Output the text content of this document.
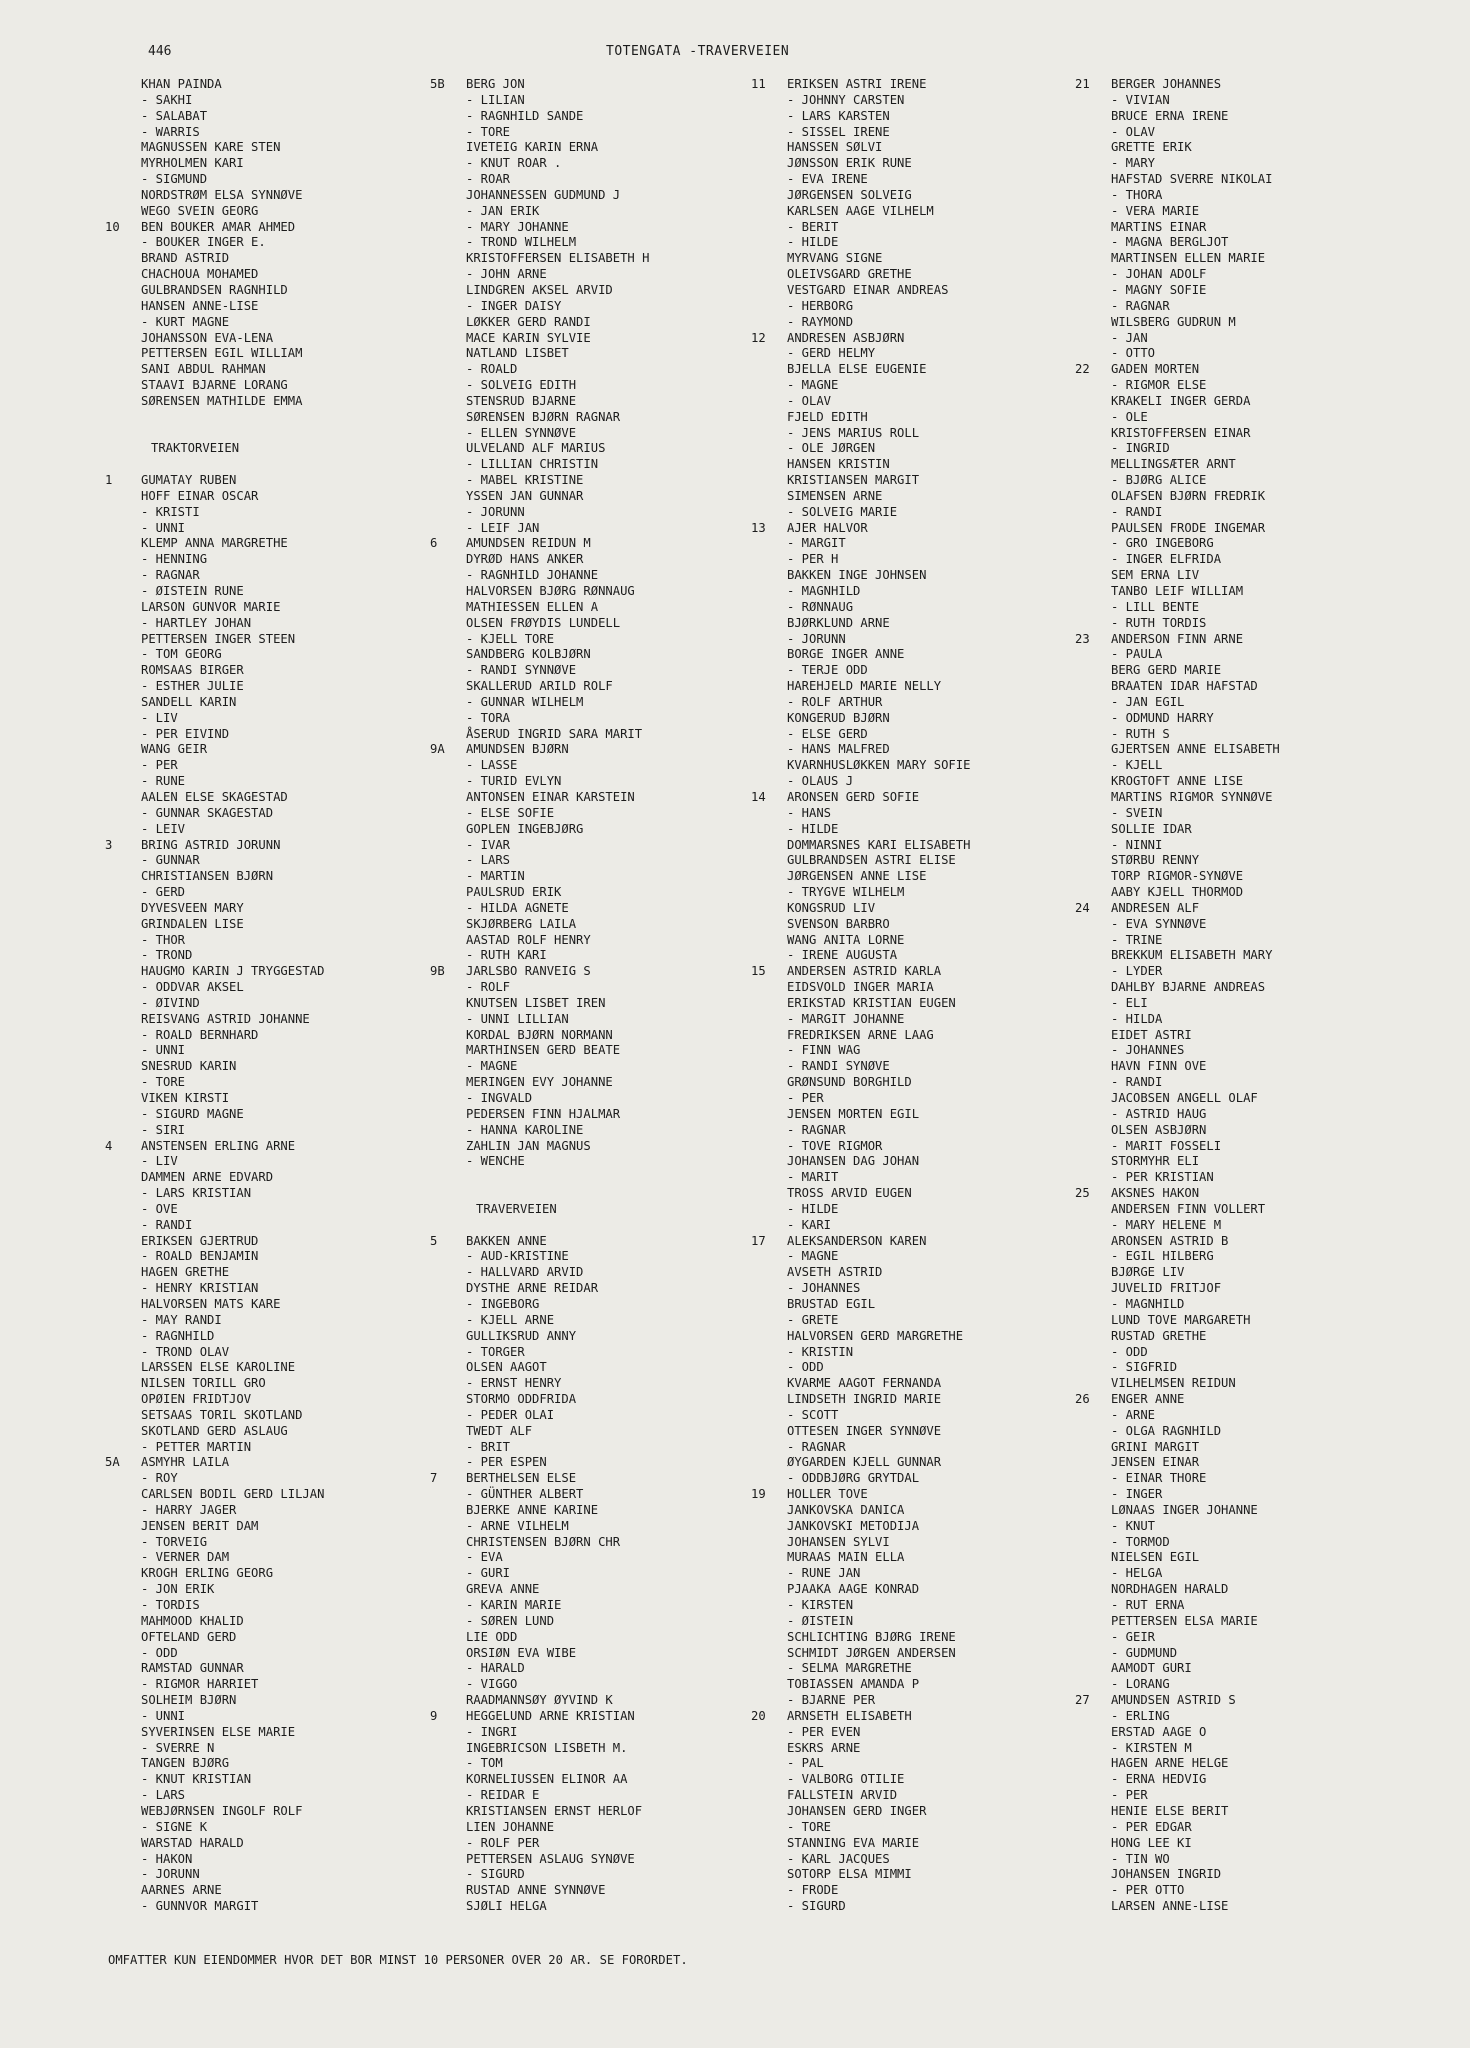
446	TOTENGATA -TRAVERVEIEN
KHAN PAINDA
- SAKHI
- SALABAT
- WARRIS
MAGNUSSEN KARE STEN
MYRHOLMEN KARI
- SIGMUND
NORDSTRØM ELSA SYNNØVE
WEGO SVEIN GEORG
10	BEN BOUKER AMAR AHMED
- BOUKER INGER E.
BRAND ASTRID
CHACHOUA MOHAMED
GULBRANDSEN RAGNHILD
HANSEN ANNE-LISE
- KURT MAGNE
JOHANSSON EVA-LENA
PETTERSEN EGIL WILLIAM
SANI ABDUL RAHMAN
STAAVI BJARNE LORANG
SØRENSEN MATHILDE EMMA
TRAKTORVEIEN
1	GUMATAY RUBEN
HOFF EINAR OSCAR
- KRISTI
- UNNI
KLEMP ANNA MARGRETHE
- HENNING
- RAGNAR
- ØISTEIN RUNE
LARSON GUNVOR MARIE
- HARTLEY JOHAN
PETTERSEN INGER STEEN
- TOM GEORG
ROMSAAS BIRGER
- ESTHER JULIE
SANDELL KARIN
- LIV
- PER EIVIND
WANG GEIR
- PER
- RUNE
AALEN ELSE SKAGESTAD
- GUNNAR SKAGESTAD
- LEIV
3	BRING ASTRID JORUNN
- GUNNAR
CHRISTIANSEN BJØRN
- GERD
DYVESVEEN MARY
GRINDALEN LISE
- THOR
- TROND
HAUGMO KARIN J TRYGGESTAD
- ODDVAR AKSEL
- ØIVIND
REISVANG ASTRID JOHANNE
- ROALD BERNHARD
- UNNI
SNESRUD KARIN
- TORE
VIKEN KIRSTI
- SIGURD MAGNE
- SIRI
4	ANSTENSEN ERLING ARNE
- LIV
DAMMEN ARNE EDVARD
- LARS KRISTIAN
- OVE
- RANDI
ERIKSEN GJERTRUD
- ROALD BENJAMIN
HAGEN GRETHE
- HENRY KRISTIAN
HALVORSEN MATS KARE
- MAY RANDI
- RAGNHILD
- TROND OLAV
LARSSEN ELSE KAROLINE
NILSEN TORILL GRO
OPØIEN FRIDTJOV
SETSAAS TORIL SKOTLAND
SKOTLAND GERD ASLAUG
- PETTER MARTIN
5A	ASMYHR LAILA
- ROY
CARLSEN BODIL GERD LILJAN
- HARRY JAGER
JENSEN BERIT DAM
- TORVEIG
- VERNER DAM
KROGH ERLING GEORG
- JON ERIK
- TORDIS
MAHMOOD KHALID
OFTELAND GERD
- ODD
RAMSTAD GUNNAR
- RIGMOR HARRIET
SOLHEIM BJØRN
- UNNI
SYVERINSEN ELSE MARIE
- SVERRE N
TANGEN BJØRG
- KNUT KRISTIAN
- LARS
WEBJØRNSEN INGOLF ROLF
- SIGNE K
WARSTAD HARALD
- HAKON
- JORUNN
AARNES ARNE
- GUNNVOR MARGIT
5B	BERG JON
- LILIAN
- RAGNHILD SANDE
- TORE
IVETEIG KARIN ERNA
- KNUT ROAR .
- ROAR
JOHANNESSEN GUDMUND J
- JAN ERIK
- MARY JOHANNE
- TROND WILHELM
KRISTOFFERSEN ELISABETH H
- JOHN ARNE
LINDGREN AKSEL ARVID
- INGER DAISY
LØKKER GERD RANDI
MACE KARIN SYLVIE
NATLAND LISBET
- ROALD
- SOLVEIG EDITH
STENSRUD BJARNE
SØRENSEN BJØRN RAGNAR
- ELLEN SYNNØVE
ULVELAND ALF MARIUS
- LILLIAN CHRISTIN
- MABEL KRISTINE
YSSEN JAN GUNNAR
- JORUNN
- LEIF JAN
6	AMUNDSEN REIDUN M
DYRØD HANS ANKER
- RAGNHILD JOHANNE
HALVORSEN BJØRG RØNNAUG
MATHIESSEN ELLEN A
OLSEN FRØYDIS LUNDELL
- KJELL TORE
SANDBERG KOLBJØRN
- RANDI SYNNØVE
SKALLERUD ARILD ROLF
- GUNNAR WILHELM
- TORA
ÅSERUD INGRID SARA MARIT
9A	AMUNDSEN BJØRN
- LASSE
- TURID EVLYN
ANTONSEN EINAR KARSTEIN
- ELSE SOFIE
GOPLEN INGEBJØRG
- IVAR
- LARS
- MARTIN
PAULSRUD ERIK
- HILDA AGNETE
SKJØRBERG LAILA
AASTAD ROLF HENRY
- RUTH KARI
9B	JARLSBO RANVEIG S
- ROLF
KNUTSEN LISBET IREN
- UNNI LILLIAN
KORDAL BJØRN NORMANN
MARTHINSEN GERD BEATE
- MAGNE
MERINGEN EVY JOHANNE
- INGVALD
PEDERSEN FINN HJALMAR
- HANNA KAROLINE
ZAHLIN JAN MAGNUS
- WENCHE
TRAVERVEIEN
5	BAKKEN ANNE
- AUD-KRISTINE
- HALLVARD ARVID
DYSTHE ARNE REIDAR
- INGEBORG
- KJELL ARNE
GULLIKSRUD ANNY
- TORGER
OLSEN AAGOT
- ERNST HENRY
STORMO ODDFRIDA
- PEDER OLAI
TWEDT ALF
- BRIT
- PER ESPEN
7	BERTHELSEN ELSE
- GÜNTHER ALBERT
BJERKE ANNE KARINE
- ARNE VILHELM
CHRISTENSEN BJØRN CHR
- EVA
- GURI
GREVA ANNE
- KARIN MARIE
- SØREN LUND
LIE ODD
ORSIØN EVA WIBE
- HARALD
- VIGGO
RAADMANNSØY ØYVIND K
9	HEGGELUND ARNE KRISTIAN
- INGRI
INGEBRICSON LISBETH M.
- TOM
KORNELIUSSEN ELINOR AA
- REIDAR E
KRISTIANSEN ERNST HERLOF
LIEN JOHANNE
- ROLF PER
PETTERSEN ASLAUG SYNØVE
- SIGURD
RUSTAD ANNE SYNNØVE
SJØLI HELGA
11	ERIKSEN ASTRI IRENE
- JOHNNY CARSTEN
- LARS KARSTEN
- SISSEL IRENE
HANSSEN SØLVI
JØNSSON ERIK RUNE
- EVA IRENE
JØRGENSEN SOLVEIG
KARLSEN AAGE VILHELM
- BERIT
- HILDE
MYRVANG SIGNE
OLEIVSGARD GRETHE
VESTGARD EINAR ANDREAS
- HERBORG
- RAYMOND
12	ANDRESEN ASBJØRN
- GERD HELMY
BJELLA ELSE EUGENIE
- MAGNE
- OLAV
FJELD EDITH
- JENS MARIUS ROLL
- OLE JØRGEN
HANSEN KRISTIN
KRISTIANSEN MARGIT
SIMENSEN ARNE
- SOLVEIG MARIE
13	AJER HALVOR
- MARGIT
- PER H
BAKKEN INGE JOHNSEN
- MAGNHILD
- RØNNAUG
BJØRKLUND ARNE
- JORUNN
BORGE INGER ANNE
- TERJE ODD
HAREHJELD MARIE NELLY
- ROLF ARTHUR
KONGERUD BJØRN
- ELSE GERD
- HANS MALFRED
KVARNHUSLØKKEN MARY SOFIE
- OLAUS J
14	ARONSEN GERD SOFIE
- HANS
- HILDE
DOMMARSNES KARI ELISABETH
GULBRANDSEN ASTRI ELISE
JØRGENSEN ANNE LISE
- TRYGVE WILHELM
KONGSRUD LIV
SVENSON BARBRO
WANG ANITA LORNE
- IRENE AUGUSTA
15	ANDERSEN ASTRID KARLA
EIDSVOLD INGER MARIA
ERIKSTAD KRISTIAN EUGEN
- MARGIT JOHANNE
FREDRIKSEN ARNE LAAG
- FINN WAG
- RANDI SYNØVE
GRØNSUND BORGHILD
- PER
JENSEN MORTEN EGIL
- RAGNAR
- TOVE RIGMOR
JOHANSEN DAG JOHAN
- MARIT
TROSS ARVID EUGEN
- HILDE
- KARI
17	ALEKSANDERSON KAREN
- MAGNE
AVSETH ASTRID
- JOHANNES
BRUSTAD EGIL
- GRETE
HALVORSEN GERD MARGRETHE
- KRISTIN
- ODD
KVARME AAGOT FERNANDA
LINDSETH INGRID MARIE
- SCOTT
OTTESEN INGER SYNNØVE
- RAGNAR
ØYGARDEN KJELL GUNNAR
- ODDBJØRG GRYTDAL
19	HOLLER TOVE
JANKOVSKA DANICA
JANKOVSKI METODIJA
JOHANSEN SYLVI
MURAAS MAIN ELLA
- RUNE JAN
PJAAKA AAGE KONRAD
- KIRSTEN
- ØISTEIN
SCHLICHTING BJØRG IRENE
SCHMIDT JØRGEN ANDERSEN
- SELMA MARGRETHE
TOBIASSEN AMANDA P
- BJARNE PER
20	ARNSETH ELISABETH
- PER EVEN
ESKRS ARNE
- PAL
- VALBORG OTILIE
FALLSTEIN ARVID
JOHANSEN GERD INGER
- TORE
STANNING EVA MARIE
- KARL JACQUES
SOTORP ELSA MIMMI
- FRODE
- SIGURD
21	BERGER JOHANNES
- VIVIAN
BRUCE ERNA IRENE
- OLAV
GRETTE ERIK
- MARY
HAFSTAD SVERRE NIKOLAI
- THORA
- VERA MARIE
MARTINS EINAR
- MAGNA BERGLJOT
MARTINSEN ELLEN MARIE
- JOHAN ADOLF
- MAGNY SOFIE
- RAGNAR
WILSBERG GUDRUN M
- JAN
- OTTO
22	GADEN MORTEN
- RIGMOR ELSE
KRAKELI INGER GERDA
- OLE
KRISTOFFERSEN EINAR
- INGRID
MELLINGSÆTER ARNT
- BJØRG ALICE
OLAFSEN BJØRN FREDRIK
- RANDI
PAULSEN FRODE INGEMAR
- GRO INGEBORG
- INGER ELFRIDA
SEM ERNA LIV
TANBO LEIF WILLIAM
- LILL BENTE
- RUTH TORDIS
23	ANDERSON FINN ARNE
- PAULA
BERG GERD MARIE
BRAATEN IDAR HAFSTAD
- JAN EGIL
- ODMUND HARRY
- RUTH S
GJERTSEN ANNE ELISABETH
- KJELL
KROGTOFT ANNE LISE
MARTINS RIGMOR SYNNØVE
- SVEIN
SOLLIE IDAR
- NINNI
STØRBU RENNY
TORP RIGMOR-SYNØVE
AABY KJELL THORMOD
24	ANDRESEN ALF
- EVA SYNNØVE
- TRINE
BREKKUM ELISABETH MARY
- LYDER
DAHLBY BJARNE ANDREAS
- ELI
- HILDA
EIDET ASTRI
- JOHANNES
HAVN FINN OVE
- RANDI
JACOBSEN ANGELL OLAF
- ASTRID HAUG
OLSEN ASBJØRN
- MARIT FOSSELI
STORMYHR ELI
- PER KRISTIAN
25	AKSNES HAKON
ANDERSEN FINN VOLLERT
- MARY HELENE M
ARONSEN ASTRID B
- EGIL HILBERG
BJØRGE LIV
JUVELID FRITJOF
- MAGNHILD
LUND TOVE MARGARETH
RUSTAD GRETHE
- ODD
- SIGFRID
VILHELMSEN REIDUN
26	ENGER ANNE
- ARNE
- OLGA RAGNHILD
GRINI MARGIT
JENSEN EINAR
- EINAR THORE
- INGER
LØNAAS INGER JOHANNE
- KNUT
- TORMOD
NIELSEN EGIL
- HELGA
NORDHAGEN HARALD
- RUT ERNA
PETTERSEN ELSA MARIE
- GEIR
- GUDMUND
AAMODT GURI
- LORANG
27	AMUNDSEN ASTRID S
- ERLING
ERSTAD AAGE O
- KIRSTEN M
HAGEN ARNE HELGE
- ERNA HEDVIG
- PER
HENIE ELSE BERIT
- PER EDGAR
HONG LEE KI
- TIN WO
JOHANSEN INGRID
- PER OTTO
LARSEN ANNE-LISE
OMFATTER KUN EIENDOMMER HVOR DET BOR MINST 10 PERSONER OVER 20 AR. SE FORORDET.
